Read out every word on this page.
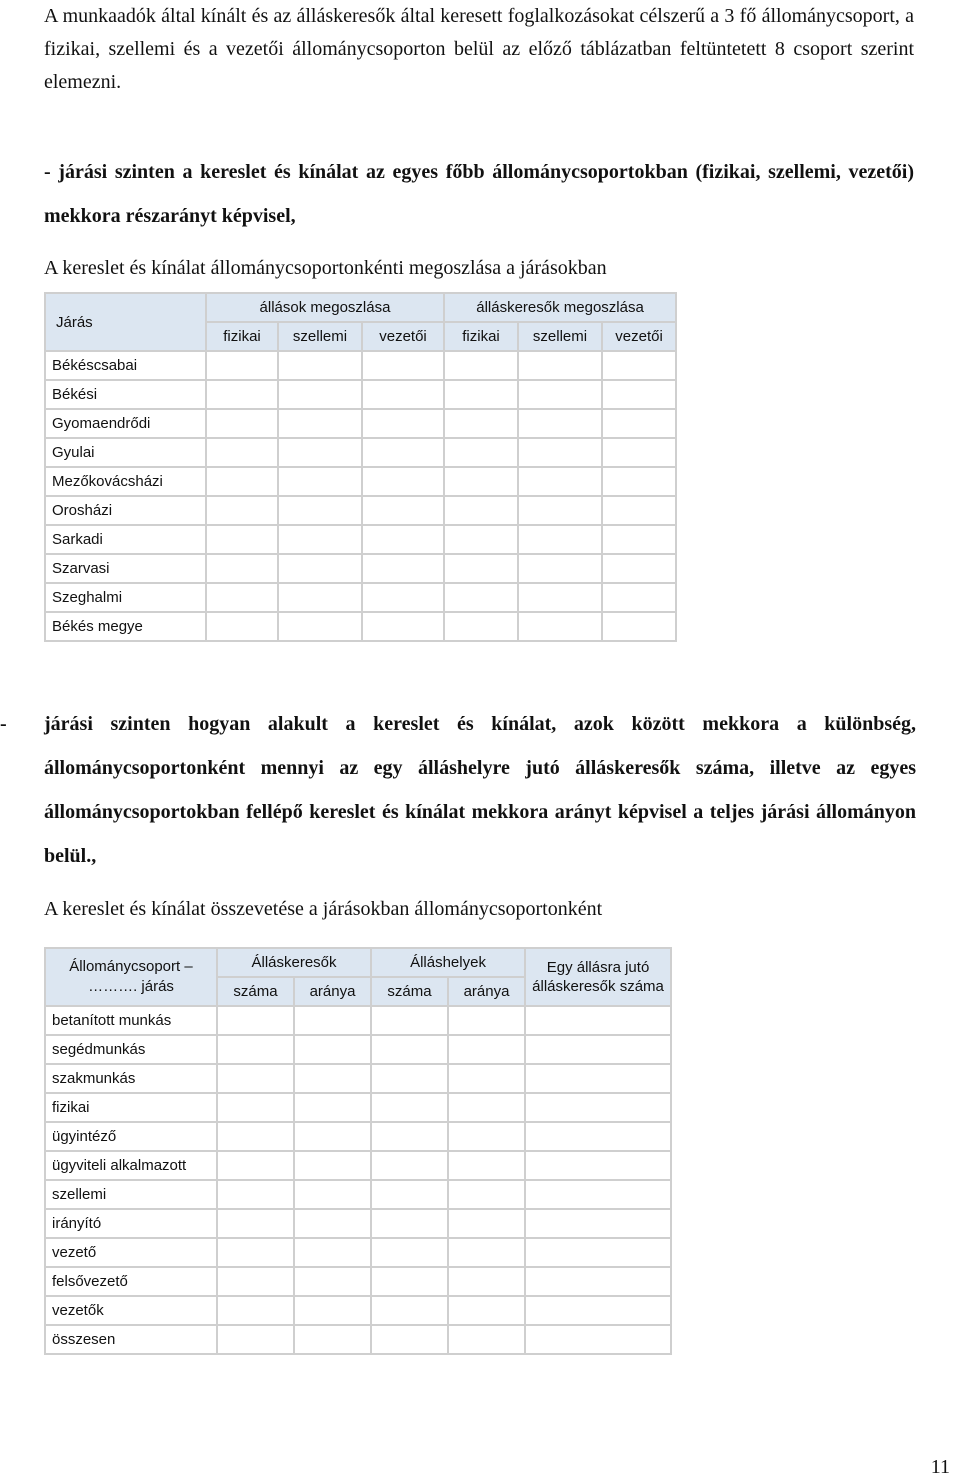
A munkaadók által kínált és az álláskeresők által keresett foglalkozásokat célszerű a 3 fő állománycsoport, a fizikai, szellemi és a vezetői állománycsoporton belül az előző táblázatban feltüntetett 8 csoport szerint elemezni.
- járási szinten a kereslet és kínálat az egyes főbb állománycsoportokban (fizikai, szellemi, vezetői) mekkora részarányt képvisel,
A kereslet és kínálat állománycsoportonkénti megoszlása a járásokban
Járás	állások megoszlása			álláskeresők megoszlása		
	fizikai	szellemi	vezetői	fizikai	szellemi	vezetői
Békéscsabai						
Békési						
Gyomaendrődi						
Gyulai						
Mezőkovácsházi						
Orosházi						
Sarkadi						
Szarvasi						
Szeghalmi						
Békés megye						
-	járási szinten hogyan alakult a kereslet és kínálat, azok között mekkora a különbség, állománycsoportonként mennyi az egy álláshelyre jutó álláskeresők száma, illetve az egyes állománycsoportokban fellépő kereslet és kínálat mekkora arányt képvisel a teljes járási állományon belül.,
A kereslet és kínálat összevetése a járásokban állománycsoportonként
Állománycsoport – ………. járás	Álláskeresők		Álláshelyek		Egy állásra jutó álláskeresők száma
	száma	aránya	száma	aránya	
betanított munkás					
segédmunkás					
szakmunkás					
fizikai					
ügyintéző					
ügyviteli alkalmazott					
szellemi					
irányító					
vezető					
felsővezető					
vezetők					
összesen					
11
